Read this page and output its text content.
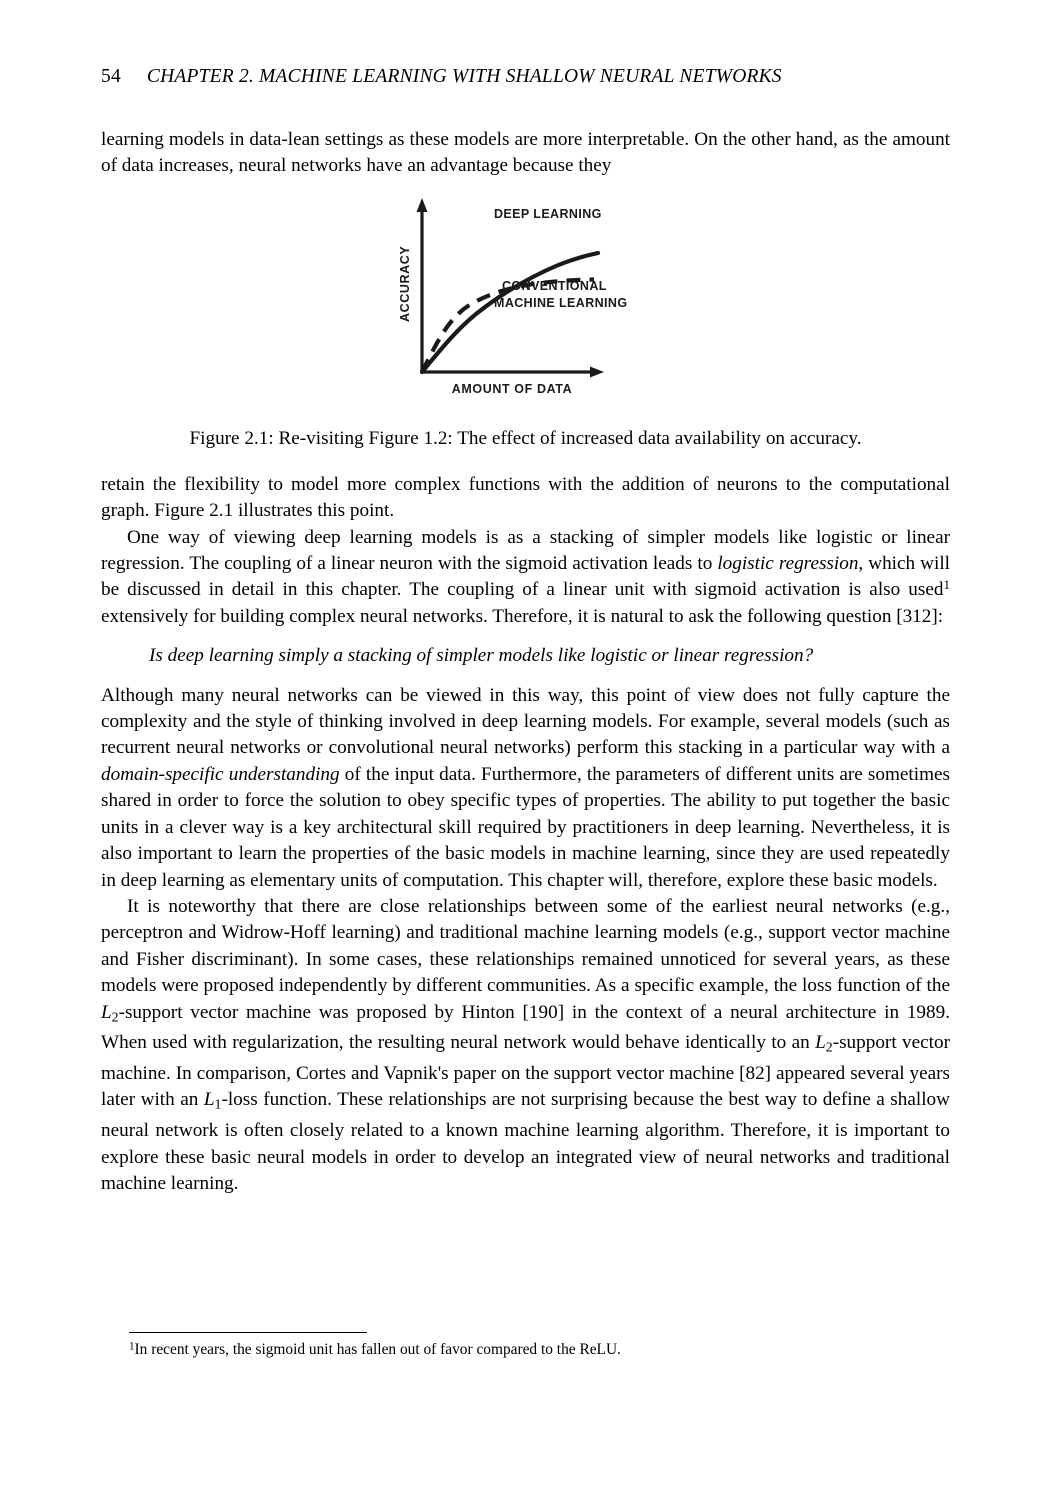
54 CHAPTER 2. MACHINE LEARNING WITH SHALLOW NEURAL NETWORKS

learning models in data-lean settings as these models are more interpretable. On the other hand, as the amount of data increases, neural networks have an advantage because they

ACCURACY
AMOUNT OF DATA
DEEP LEARNING
CONVENTIONAL
MACHINE LEARNING
Figure 2.1: Re-visiting Figure 1.2: The effect of increased data availability on accuracy.

retain the flexibility to model more complex functions with the addition of neurons to the computational graph. Figure 2.1 illustrates this point.

One way of viewing deep learning models is as a stacking of simpler models like logistic or linear regression. The coupling of a linear neuron with the sigmoid activation leads to logistic regression, which will be discussed in detail in this chapter. The coupling of a linear unit with sigmoid activation is also used$^1$ extensively for building complex neural networks. Therefore, it is natural to ask the following question [312]:

Is deep learning simply a stacking of simpler models like logistic or linear regression?

Although many neural networks can be viewed in this way, this point of view does not fully capture the complexity and the style of thinking involved in deep learning models. For example, several models (such as recurrent neural networks or convolutional neural networks) perform this stacking in a particular way with a domain-specific understanding of the input data. Furthermore, the parameters of different units are sometimes shared in order to force the solution to obey specific types of properties. The ability to put together the basic units in a clever way is a key architectural skill required by practitioners in deep learning. Nevertheless, it is also important to learn the properties of the basic models in machine learning, since they are used repeatedly in deep learning as elementary units of computation. This chapter will, therefore, explore these basic models.

It is noteworthy that there are close relationships between some of the earliest neural networks (e.g., perceptron and Widrow-Hoff learning) and traditional machine learning models (e.g., support vector machine and Fisher discriminant). In some cases, these relationships remained unnoticed for several years, as these models were proposed independently by different communities. As a specific example, the loss function of the $L_2$-support vector machine was proposed by Hinton [190] in the context of a neural architecture in 1989. When used with regularization, the resulting neural network would behave identically to an $L_2$-support vector machine. In comparison, Cortes and Vapnik's paper on the support vector machine [82] appeared several years later with an $L_1$-loss function. These relationships are not surprising because the best way to define a shallow neural network is often closely related to a known machine learning algorithm. Therefore, it is important to explore these basic neural models in order to develop an integrated view of neural networks and traditional machine learning.

$^1$In recent years, the sigmoid unit has fallen out of favor compared to the ReLU.
